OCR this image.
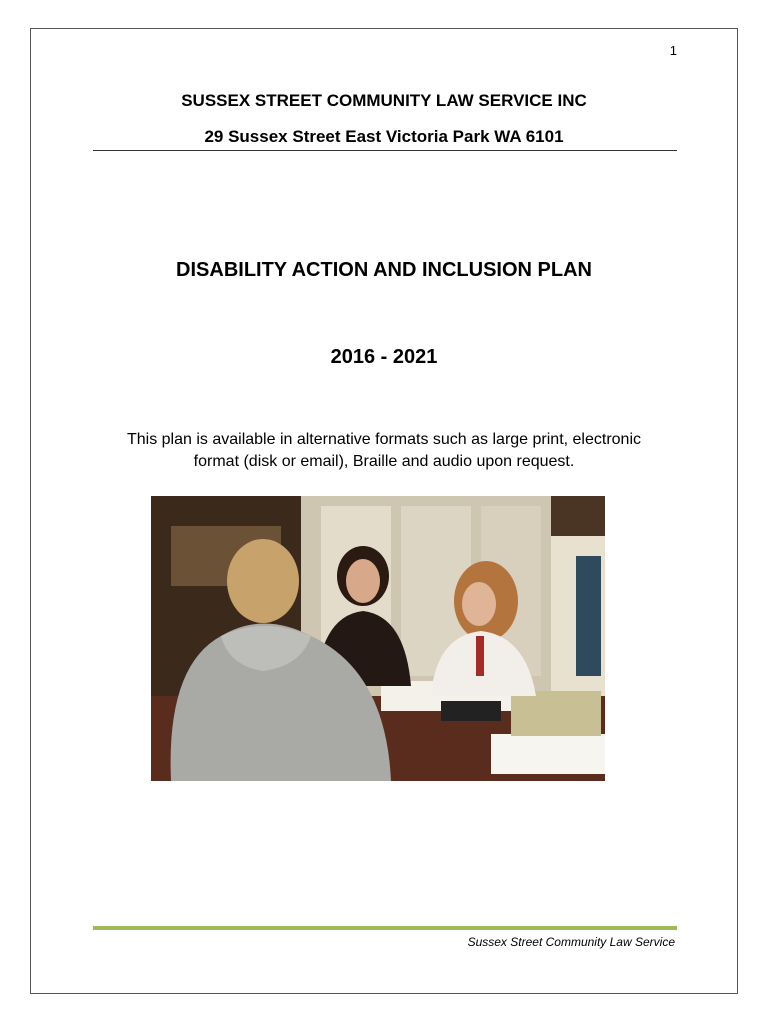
1
SUSSEX STREET COMMUNITY LAW SERVICE INC
29 Sussex Street East Victoria Park WA 6101
DISABILITY ACTION AND INCLUSION PLAN
2016 - 2021
This plan is available in alternative formats such as large print, electronic
format (disk or email), Braille and audio upon request.
Sussex Street Community Law Service
